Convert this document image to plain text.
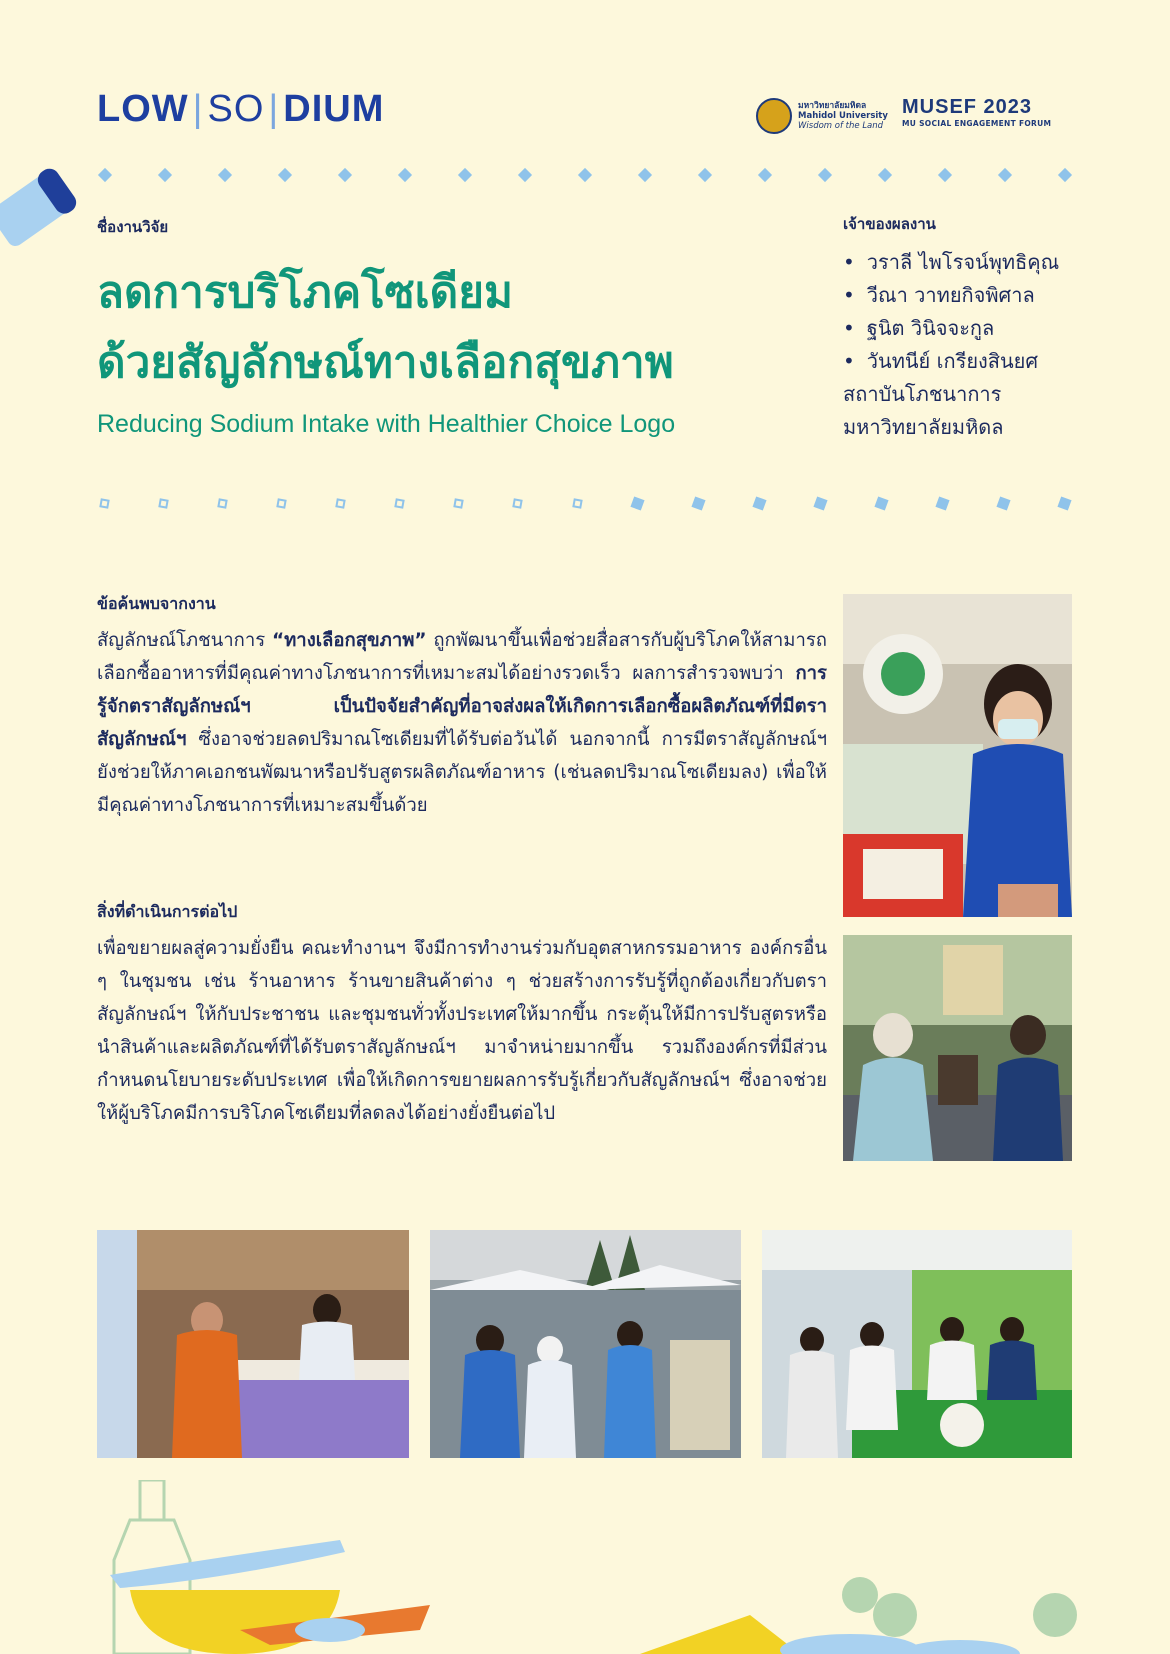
LOW | SO | DIUM	มหาวิทยาลัยมหิดล
Mahidol University
Wisdom of the Land
MUSEF 2023
MU SOCIAL ENGAGEMENT FORUM
ชื่องานวิจัย
ลดการบริโภคโซเดียม
ด้วยสัญลักษณ์ทางเลือกสุขภาพ
Reducing Sodium Intake with Healthier Choice Logo
เจ้าของผลงาน
• วราลี ไพโรจน์พุทธิคุณ
• วีณา วาทยกิจพิศาล
• ฐนิต วินิจจะกูล
• วันทนีย์ เกรียงสินยศ
สถาบันโภชนาการ
มหาวิทยาลัยมหิดล
ข้อค้นพบจากงาน
สัญลักษณ์โภชนาการ “ทางเลือกสุขภาพ” ถูกพัฒนาขึ้นเพื่อช่วยสื่อสารกับผู้บริโภคให้สามารถเลือกซื้ออาหารที่มีคุณค่าทางโภชนาการที่เหมาะสมได้อย่างรวดเร็ว ผลการสำรวจพบว่า การรู้จักตราสัญลักษณ์ฯ เป็นปัจจัยสำคัญที่อาจส่งผลให้เกิดการเลือกซื้อผลิตภัณฑ์ที่มีตราสัญลักษณ์ฯ ซึ่งอาจช่วยลดปริมาณโซเดียมที่ได้รับต่อวันได้ นอกจากนี้ การมีตราสัญลักษณ์ฯ ยังช่วยให้ภาคเอกชนพัฒนาหรือปรับสูตรผลิตภัณฑ์อาหาร (เช่นลดปริมาณโซเดียมลง) เพื่อให้มีคุณค่าทางโภชนาการที่เหมาะสมขึ้นด้วย
สิ่งที่ดำเนินการต่อไป
เพื่อขยายผลสู่ความยั่งยืน คณะทำงานฯ จึงมีการทำงานร่วมกับอุตสาหกรรมอาหาร องค์กรอื่น ๆ ในชุมชน เช่น ร้านอาหาร ร้านขายสินค้าต่าง ๆ ช่วยสร้างการรับรู้ที่ถูกต้องเกี่ยวกับตราสัญลักษณ์ฯ ให้กับประชาชน และชุมชนทั่วทั้งประเทศให้มากขึ้น กระตุ้นให้มีการปรับสูตรหรือนำสินค้าและผลิตภัณฑ์ที่ได้รับตราสัญลักษณ์ฯ มาจำหน่ายมากขึ้น รวมถึงองค์กรที่มีส่วนกำหนดนโยบายระดับประเทศ เพื่อให้เกิดการขยายผลการรับรู้เกี่ยวกับสัญลักษณ์ฯ ซึ่งอาจช่วยให้ผู้บริโภคมีการบริโภคโซเดียมที่ลดลงได้อย่างยั่งยืนต่อไป
